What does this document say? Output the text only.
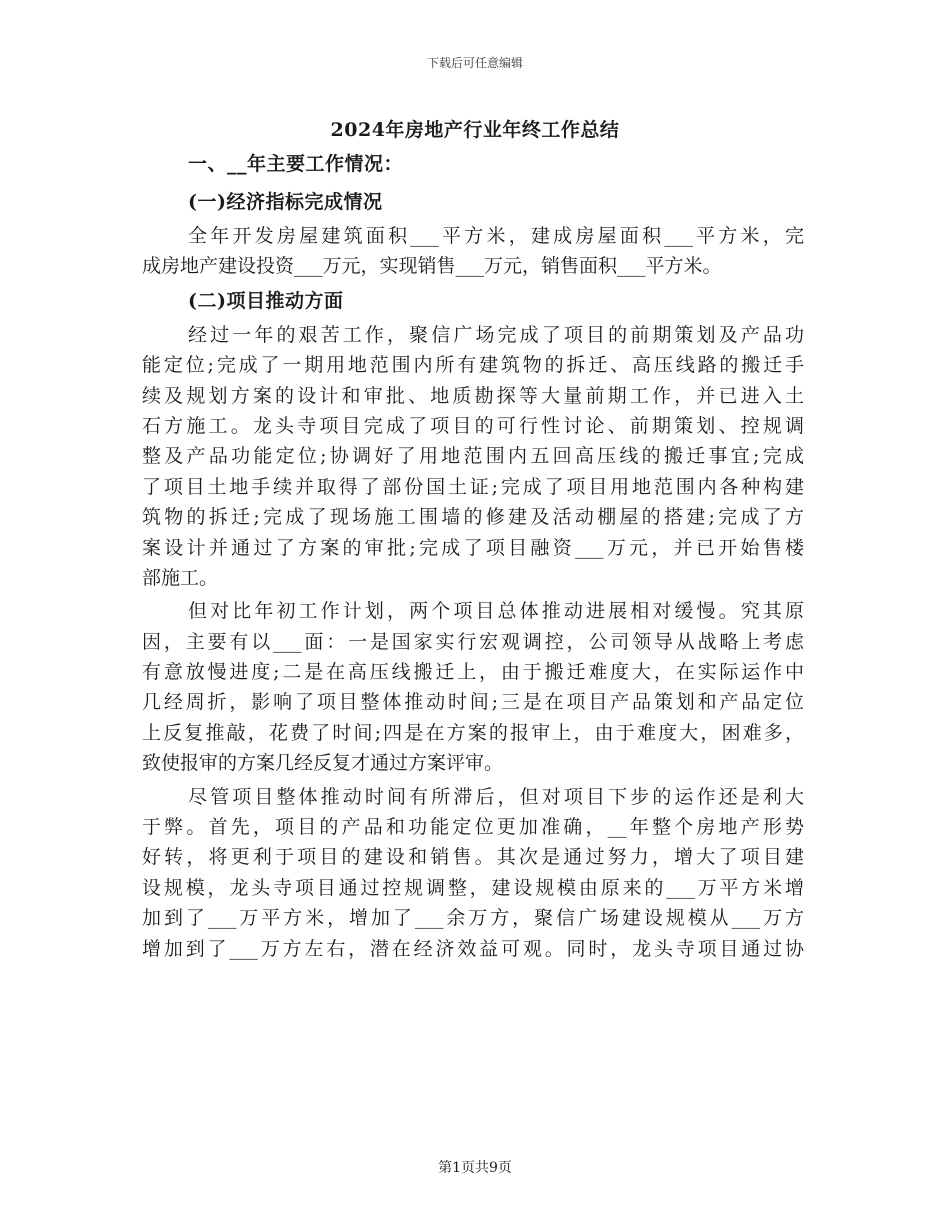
下载后可任意编辑
2024年房地产行业年终工作总结
一、__年主要工作情况：
(一)经济指标完成情况
全年开发房屋建筑面积___平方米，建成房屋面积___平方米，完
成房地产建设投资___万元，实现销售___万元，销售面积___平方米。
(二)项目推动方面
经过一年的艰苦工作，聚信广场完成了项目的前期策划及产品功
能定位;完成了一期用地范围内所有建筑物的拆迁、高压线路的搬迁手
续及规划方案的设计和审批、地质勘探等大量前期工作，并已进入土
石方施工。龙头寺项目完成了项目的可行性讨论、前期策划、控规调
整及产品功能定位;协调好了用地范围内五回高压线的搬迁事宜;完成
了项目土地手续并取得了部份国土证;完成了项目用地范围内各种构建
筑物的拆迁;完成了现场施工围墙的修建及活动棚屋的搭建;完成了方
案设计并通过了方案的审批;完成了项目融资___万元，并已开始售楼
部施工。
但对比年初工作计划，两个项目总体推动进展相对缓慢。究其原
因，主要有以___面：一是国家实行宏观调控，公司领导从战略上考虑
有意放慢进度;二是在高压线搬迁上，由于搬迁难度大，在实际运作中
几经周折，影响了项目整体推动时间;三是在项目产品策划和产品定位
上反复推敲，花费了时间;四是在方案的报审上，由于难度大，困难多，
致使报审的方案几经反复才通过方案评审。
尽管项目整体推动时间有所滞后，但对项目下步的运作还是利大
于弊。首先，项目的产品和功能定位更加准确，__年整个房地产形势
好转，将更利于项目的建设和销售。其次是通过努力，增大了项目建
设规模，龙头寺项目通过控规调整，建设规模由原来的___万平方米增
加到了___万平方米，增加了___余万方，聚信广场建设规模从___万方
增加到了___万方左右，潜在经济效益可观。同时，龙头寺项目通过协
第1页共9页
